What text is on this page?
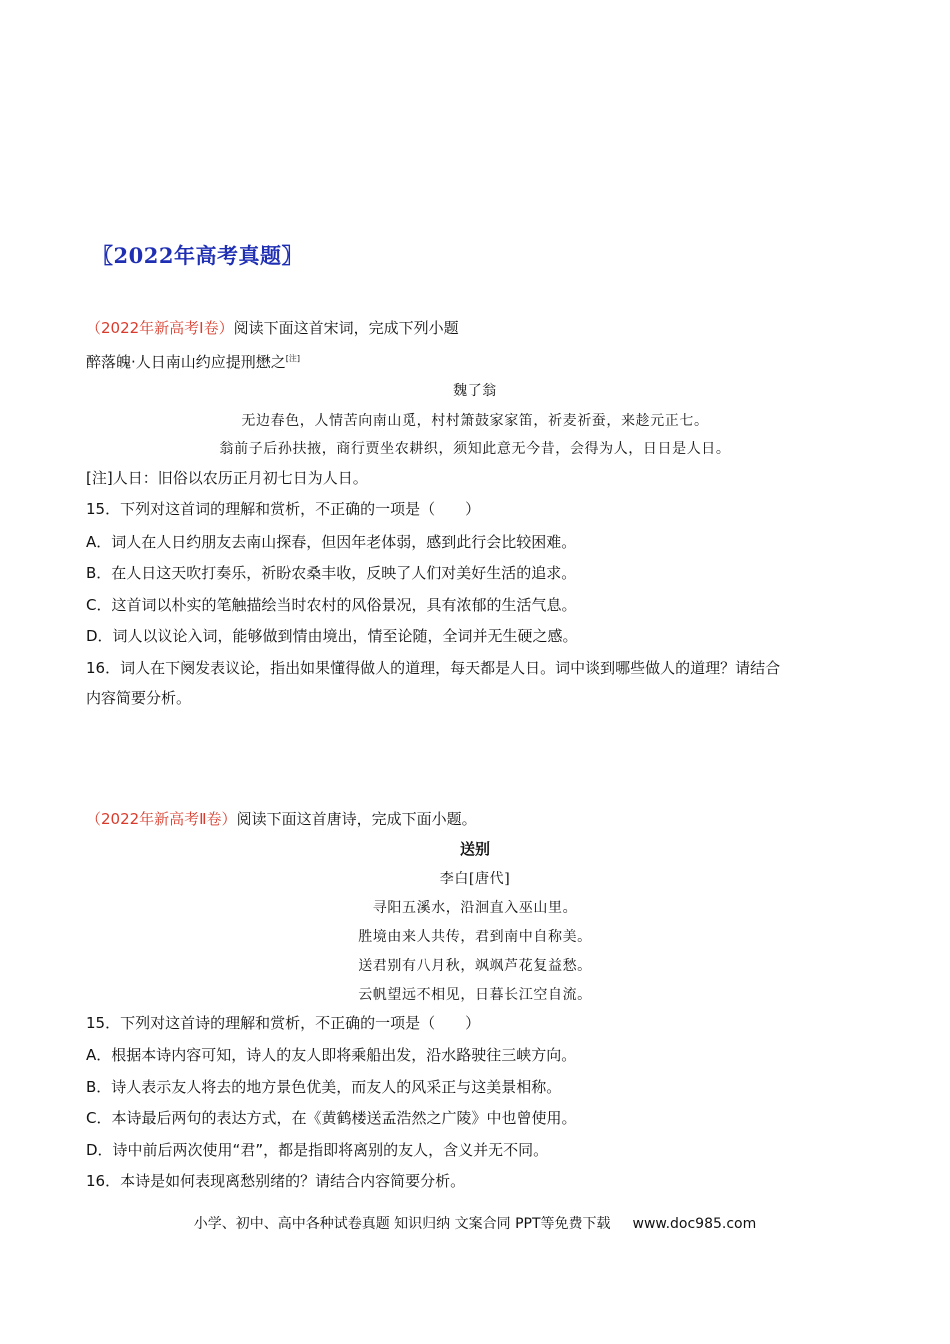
〖2022年高考真题〗
（2022年新高考Ⅰ卷）阅读下面这首宋词，完成下列小题
醉落魄·人日南山约应提刑懋之[注]
魏了翁
无边春色，人情苦向南山觅，村村箫鼓家家笛，祈麦祈蚕，来趁元正七。
翁前子后孙扶掖，商行贾坐农耕织，须知此意无今昔，会得为人，日日是人日。
[注]人日：旧俗以农历正月初七日为人日。
15．下列对这首词的理解和赏析，不正确的一项是（　　）
A．词人在人日约朋友去南山探春，但因年老体弱，感到此行会比较困难。
B．在人日这天吹打奏乐，祈盼农桑丰收，反映了人们对美好生活的追求。
C．这首词以朴实的笔触描绘当时农村的风俗景况，具有浓郁的生活气息。
D．词人以议论入词，能够做到情由境出，情至论随，全词并无生硬之感。
16．词人在下阕发表议论，指出如果懂得做人的道理，每天都是人日。词中谈到哪些做人的道理？请结合
内容简要分析。
（2022年新高考Ⅱ卷）阅读下面这首唐诗，完成下面小题。
送别
李白[唐代]
寻阳五溪水，沿洄直入巫山里。
胜境由来人共传，君到南中自称美。
送君别有八月秋，飒飒芦花复益愁。
云帆望远不相见，日暮长江空自流。
15．下列对这首诗的理解和赏析，不正确的一项是（　　）
A．根据本诗内容可知，诗人的友人即将乘船出发，沿水路驶往三峡方向。
B．诗人表示友人将去的地方景色优美，而友人的风采正与这美景相称。
C．本诗最后两句的表达方式，在《黄鹤楼送孟浩然之广陵》中也曾使用。
D．诗中前后两次使用“君”，都是指即将离别的友人，含义并无不同。
16．本诗是如何表现离愁别绪的？请结合内容简要分析。
小学、初中、高中各种试卷真题 知识归纳 文案合同 PPT等免费下载 www.doc985.com
